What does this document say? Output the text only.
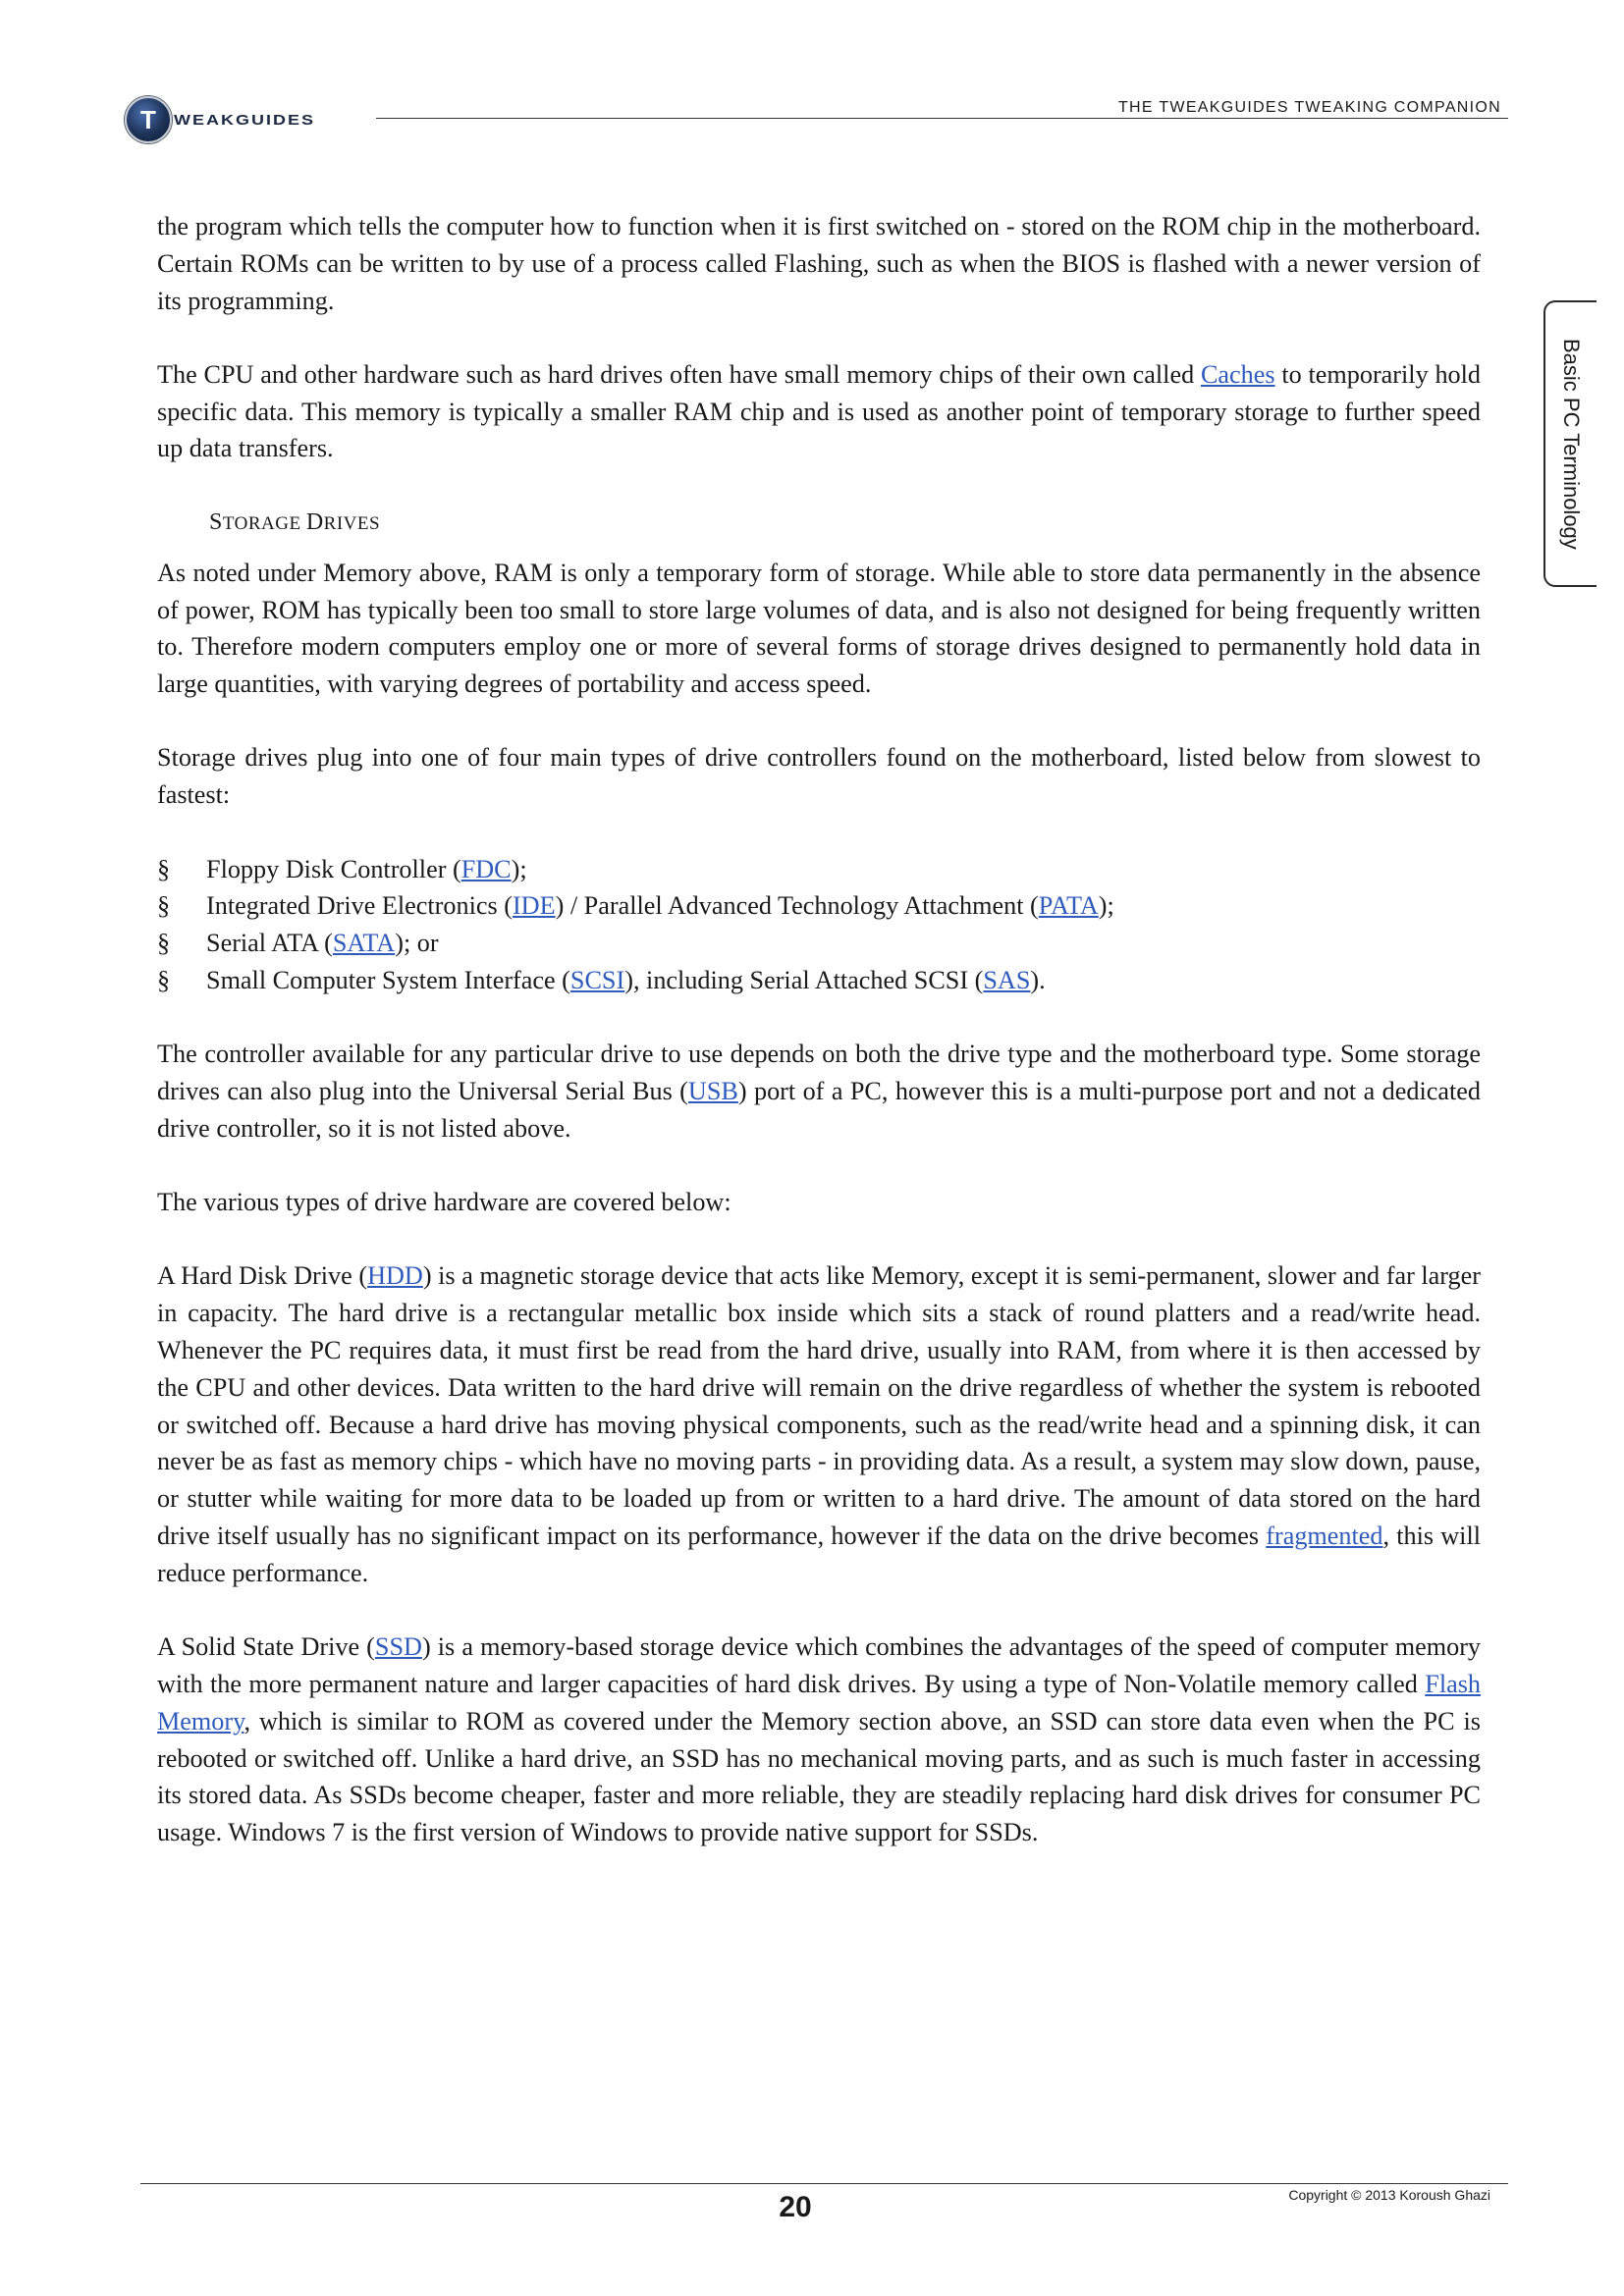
T WEAKGUIDES
THE TWEAKGUIDES TWEAKING COMPANION
Basic PC Terminology

the program which tells the computer how to function when it is first switched on - stored on the ROM chip in the motherboard. Certain ROMs can be written to by use of a process called Flashing, such as when the BIOS is flashed with a newer version of its programming.

The CPU and other hardware such as hard drives often have small memory chips of their own called Caches to temporarily hold specific data. This memory is typically a smaller RAM chip and is used as another point of temporary storage to further speed up data transfers.

STORAGE DRIVES

As noted under Memory above, RAM is only a temporary form of storage. While able to store data permanently in the absence of power, ROM has typically been too small to store large volumes of data, and is also not designed for being frequently written to. Therefore modern computers employ one or more of several forms of storage drives designed to permanently hold data in large quantities, with varying degrees of portability and access speed.

Storage drives plug into one of four main types of drive controllers found on the motherboard, listed below from slowest to fastest:

§	Floppy Disk Controller (FDC);
§	Integrated Drive Electronics (IDE) / Parallel Advanced Technology Attachment (PATA);
§	Serial ATA (SATA); or
§	Small Computer System Interface (SCSI), including Serial Attached SCSI (SAS).

The controller available for any particular drive to use depends on both the drive type and the motherboard type. Some storage drives can also plug into the Universal Serial Bus (USB) port of a PC, however this is a multi-purpose port and not a dedicated drive controller, so it is not listed above.

The various types of drive hardware are covered below:

A Hard Disk Drive (HDD) is a magnetic storage device that acts like Memory, except it is semi-permanent, slower and far larger in capacity. The hard drive is a rectangular metallic box inside which sits a stack of round platters and a read/write head. Whenever the PC requires data, it must first be read from the hard drive, usually into RAM, from where it is then accessed by the CPU and other devices. Data written to the hard drive will remain on the drive regardless of whether the system is rebooted or switched off. Because a hard drive has moving physical components, such as the read/write head and a spinning disk, it can never be as fast as memory chips - which have no moving parts - in providing data. As a result, a system may slow down, pause, or stutter while waiting for more data to be loaded up from or written to a hard drive. The amount of data stored on the hard drive itself usually has no significant impact on its performance, however if the data on the drive becomes fragmented, this will reduce performance.

A Solid State Drive (SSD) is a memory-based storage device which combines the advantages of the speed of computer memory with the more permanent nature and larger capacities of hard disk drives. By using a type of Non-Volatile memory called Flash Memory, which is similar to ROM as covered under the Memory section above, an SSD can store data even when the PC is rebooted or switched off. Unlike a hard drive, an SSD has no mechanical moving parts, and as such is much faster in accessing its stored data. As SSDs become cheaper, faster and more reliable, they are steadily replacing hard disk drives for consumer PC usage. Windows 7 is the first version of Windows to provide native support for SSDs.

20	Copyright © 2013 Koroush Ghazi
